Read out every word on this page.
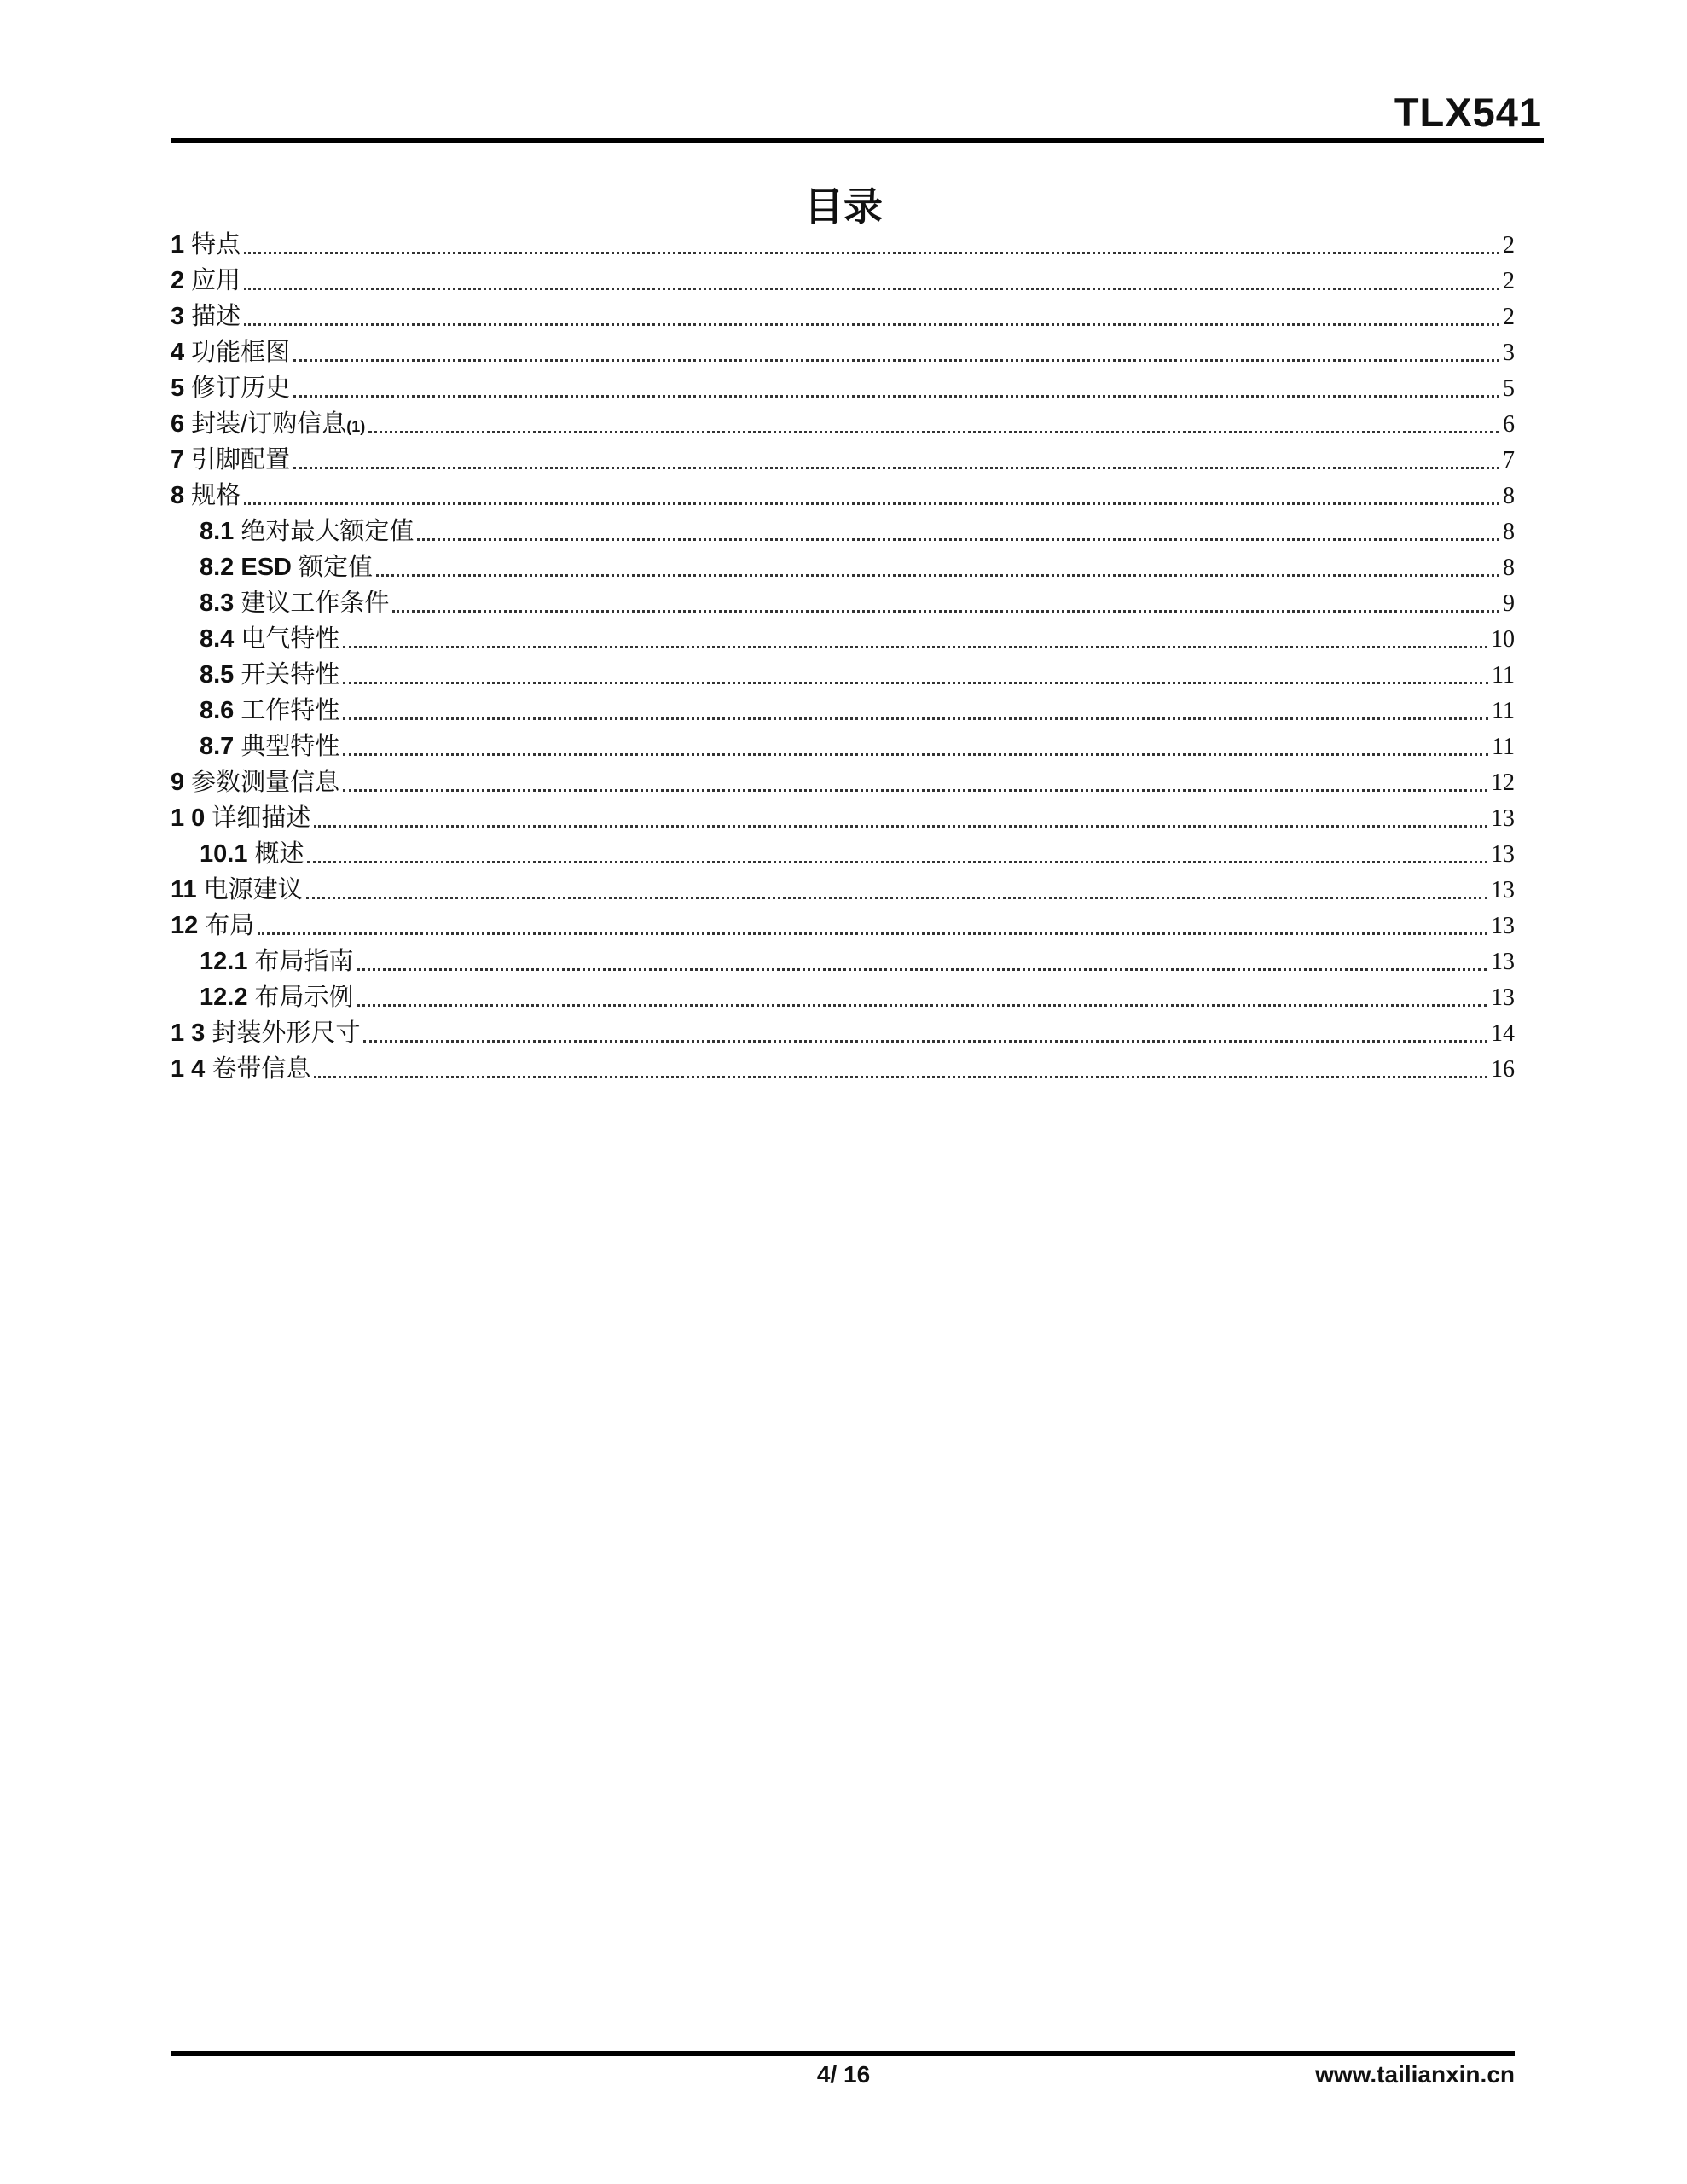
TLX541
目录
1 特点	2
2 应用	2
3 描述	2
4 功能框图	3
5 修订历史	5
6 封装/订购信息 (1)	6
7 引脚配置	7
8 规格	8
8.1 绝对最大额定值	8
8.2 ESD 额定值	8
8.3 建议工作条件	9
8.4 电气特性	10
8.5 开关特性	11
8.6 工作特性	11
8.7 典型特性	11
9 参数测量信息	12
1 0 详细描述	13
10.1 概述	13
11 电源建议	13
12 布局	13
12.1 布局指南	13
12.2 布局示例	13
1 3 封装外形尺寸	14
1 4 卷带信息	16
4/ 16	www.tailianxin.cn
